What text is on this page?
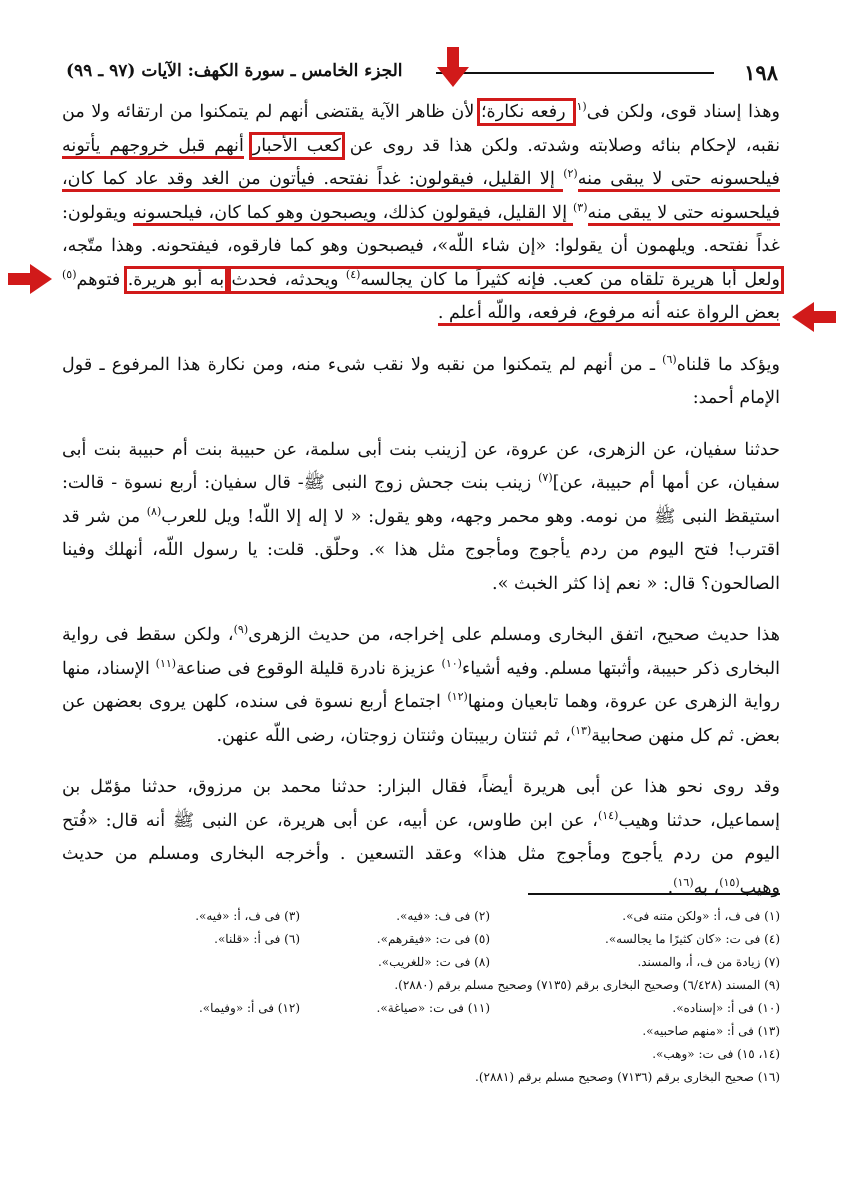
١٩٨
الجزء الخامس ـ سورة الكهف: الآيات (٩٧ ـ ٩٩)

وهذا إسناد قوى، ولكن فى$^{(١)}$ رفعه نكارة؛ لأن ظاهر الآية يقتضى أنهم لم يتمكنوا من ارتقائه ولا من نقبه، لإحكام بنائه وصلابته وشدته. ولكن هذا قد روى عن كعب الأحبار أنهم قبل خروجهم يأتونه فيلحسونه حتى لا يبقى منه$^{(٢)}$ إلا القليل، فيقولون: غداً نفتحه. فيأتون من الغد وقد عاد كما كان، فيلحسونه حتى لا يبقى منه$^{(٣)}$ إلا القليل، فيقولون كذلك، ويصبحون وهو كما كان، فيلحسونه ويقولون: غداً نفتحه. ويلهمون أن يقولوا: «إن شاء اللّه»، فيصبحون وهو كما فارقوه، فيفتحونه. وهذا متّجه، ولعل أبا هريرة تلقاه من كعب. فإنه كثيراً ما كان يجالسه$^{(٤)}$ ويحدثه، فحدث به أبو هريرة. فتوهم$^{(٥)}$ بعض الرواة عنه أنه مرفوع، فرفعه، واللّه أعلم .

ويؤكد ما قلناه$^{(٦)}$ ـ من أنهم لم يتمكنوا من نقبه ولا نقب شىء منه، ومن نكارة هذا المرفوع ـ قول الإمام أحمد:

حدثنا سفيان، عن الزهرى، عن عروة، عن [زينب بنت أبى سلمة، عن حبيبة بنت أم حبيبة بنت أبى سفيان، عن أمها أم حبيبة، عن]$^{(٧)}$ زينب بنت جحش زوج النبى ﷺ- قال سفيان: أربع نسوة - قالت: استيقظ النبى ﷺ من نومه. وهو محمر وجهه، وهو يقول: « لا إله إلا اللّه! ويل للعرب$^{(٨)}$ من شر قد اقترب! فتح اليوم من ردم يأجوج ومأجوج مثل هذا ». وحلّق. قلت: يا رسول اللّه، أنهلك وفينا الصالحون؟ قال: « نعم إذا كثر الخبث ».

هذا حديث صحيح، اتفق البخارى ومسلم على إخراجه، من حديث الزهرى$^{(٩)}$، ولكن سقط فى رواية البخارى ذكر حبيبة، وأثبتها مسلم. وفيه أشياء$^{(١٠)}$ عزيزة نادرة قليلة الوقوع فى صناعة$^{(١١)}$ الإسناد، منها رواية الزهرى عن عروة، وهما تابعيان ومنها$^{(١٢)}$ اجتماع أربع نسوة فى سنده، كلهن يروى بعضهن عن بعض. ثم كل منهن صحابية$^{(١٣)}$، ثم ثنتان ربيبتان وثنتان زوجتان، رضى اللّه عنهن.

وقد روى نحو هذا عن أبى هريرة أيضاً، فقال البزار: حدثنا محمد بن مرزوق، حدثنا مؤمّل بن إسماعيل، حدثنا وهيب$^{(١٤)}$، عن ابن طاوس، عن أبيه، عن أبى هريرة، عن النبى ﷺ أنه قال: «فُتح اليوم من ردم يأجوج ومأجوج مثل هذا» وعقد التسعين . وأخرجه البخارى ومسلم من حديث وهيب$^{(١٥)}$، به$^{(١٦)}$.

(١) فى ف، أ: «ولكن متنه فى».
(٢) فى ف: «فيه».
(٣) فى ف، أ: «فيه».
(٤) فى ت: «كان كثيرًا ما يجالسه».
(٥) فى ت: «فيقرهم».
(٦) فى أ: «قلنا».
(٧) زيادة من ف، أ، والمسند.
(٨) فى ت: «للغريب».
(٩) المسند (٦/٤٢٨) وصحيح البخارى برقم (٧١٣٥) وصحيح مسلم برقم (٢٨٨٠).
(١٠) فى أ: «إسناده».
(١١) فى ت: «صياغة».
(١٢) فى أ: «وفيما».
(١٣) فى أ: «منهم صاحبيه».
(١٤، ١٥) فى ت: «وهب».
(١٦) صحيح البخارى برقم (٧١٣٦) وصحيح مسلم برقم (٢٨٨١).
